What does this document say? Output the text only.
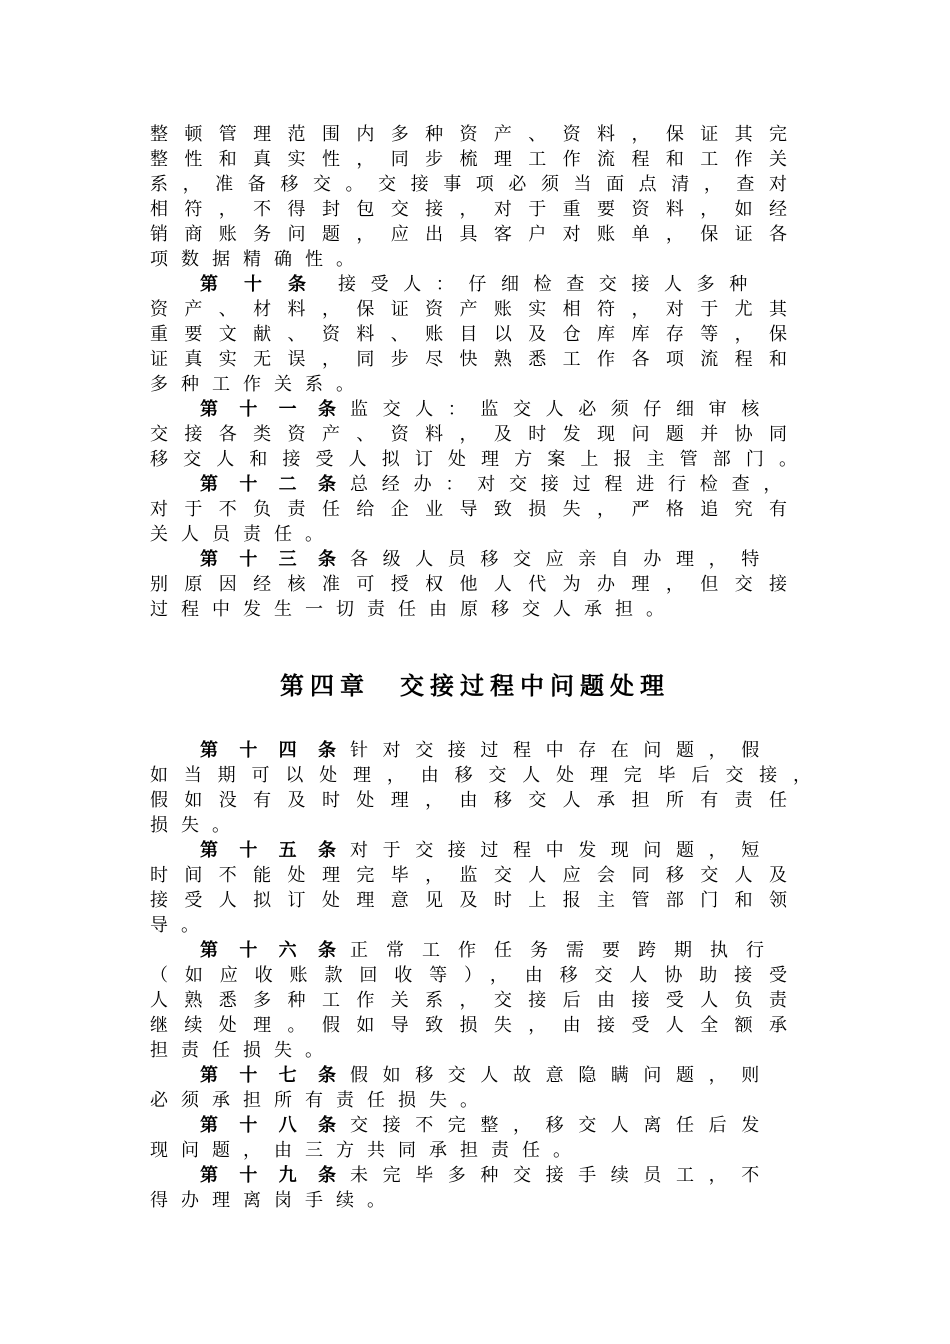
整顿管理范围内多种资产、资料，保证其完
整性和真实性，同步梳理工作流程和工作关
系，准备移交。交接事项必须当面点清，查对
相符，不得封包交接，对于重要资料，如经
销商账务问题，应出具客户对账单，保证各
项数据精确性。
第十条 接受人：仔细检查交接人多种
资产、材料，保证资产账实相符，对于尤其
重要文献、资料、账目以及仓库库存等，保
证真实无误，同步尽快熟悉工作各项流程和
多种工作关系。
第十一条监交人：监交人必须仔细审核
交接各类资产、资料，及时发现问题并协同
移交人和接受人拟订处理方案上报主管部门。
第十二条总经办：对交接过程进行检查，
对于不负责任给企业导致损失，严格追究有
关人员责任。
第十三条各级人员移交应亲自办理，特
别原因经核准可授权他人代为办理，但交接
过程中发生一切责任由原移交人承担。
第四章 交接过程中问题处理
第十四条针对交接过程中存在问题，假
如当期可以处理，由移交人处理完毕后交接，
假如没有及时处理，由移交人承担所有责任
损失。
第十五条对于交接过程中发现问题，短
时间不能处理完毕，监交人应会同移交人及
接受人拟订处理意见及时上报主管部门和领
导。
第十六条正常工作任务需要跨期执行
（如应收账款回收等），由移交人协助接受
人熟悉多种工作关系，交接后由接受人负责
继续处理。假如导致损失，由接受人全额承
担责任损失。
第十七条假如移交人故意隐瞒问题，则
必须承担所有责任损失。
第十八条交接不完整，移交人离任后发
现问题，由三方共同承担责任。
第十九条未完毕多种交接手续员工，不
得办理离岗手续。
